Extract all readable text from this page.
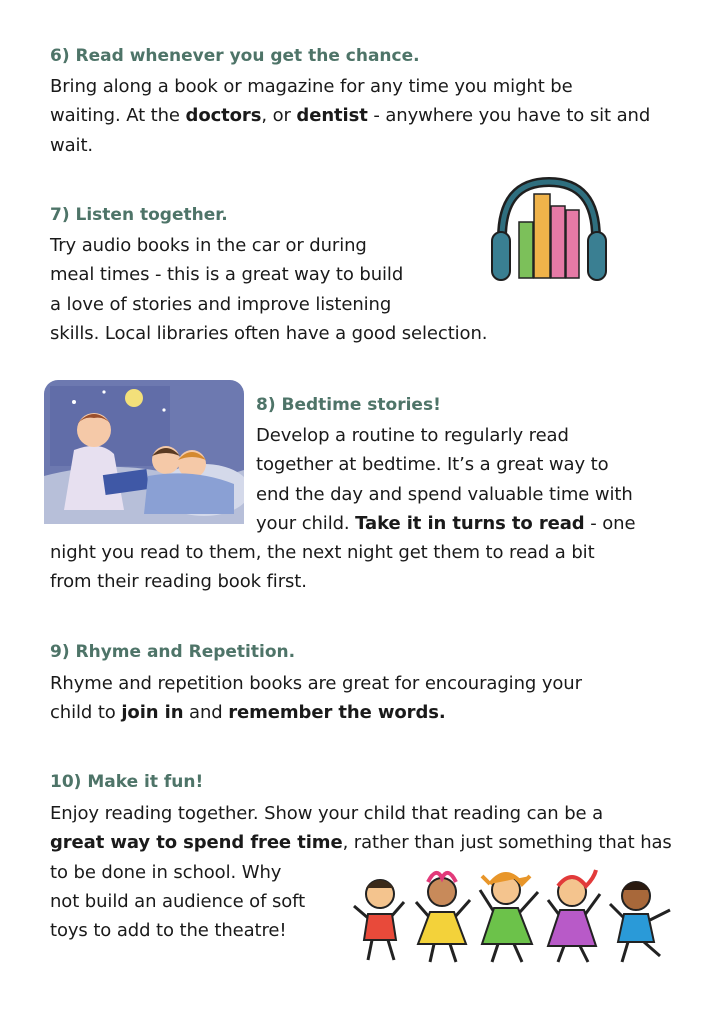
6) Read whenever you get the chance.
Bring along a book or magazine for any time you might be
waiting. At the doctors, or dentist - anywhere you have to sit and
wait.
7) Listen together.
Try audio books in the car or during
meal times - this is a great way to build
a love of stories and improve listening
skills. Local libraries often have a good selection.
8) Bedtime stories!
Develop a routine to regularly read
together at bedtime. It’s a great way to
end the day and spend valuable time with
your child. Take it in turns to read - one
night you read to them, the next night get them to read a bit
from their reading book first.
9) Rhyme and Repetition.
Rhyme and repetition books are great for encouraging your
child to join in and remember the words.
10) Make it fun!
Enjoy reading together. Show your child that reading can be a
great way to spend free time, rather than just something that has
to be done in school. Why
not build an audience of soft
toys to add to the theatre!
